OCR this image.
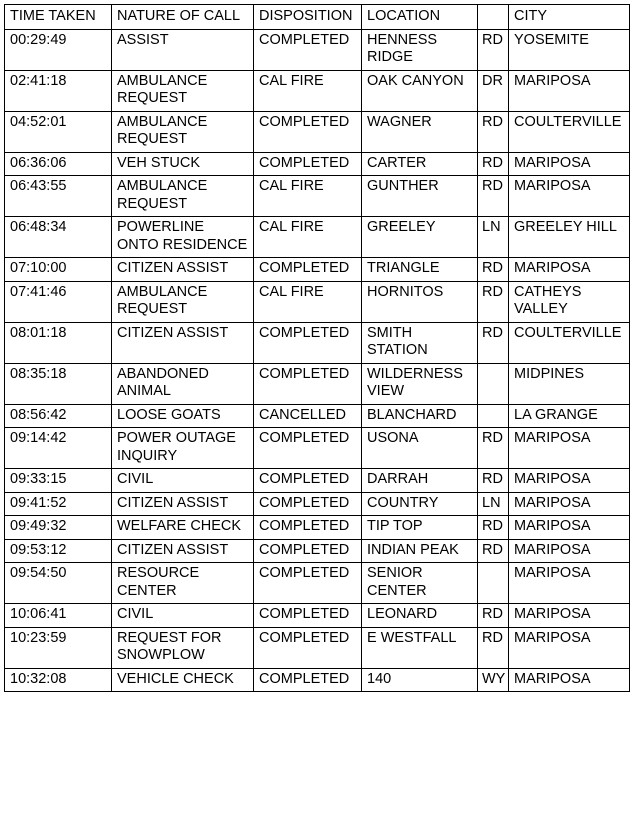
TIME TAKEN	NATURE OF CALL	DISPOSITION	LOCATION		CITY
00:29:49	ASSIST	COMPLETED	HENNESS RIDGE	RD	YOSEMITE
02:41:18	AMBULANCE REQUEST	CAL FIRE	OAK CANYON	DR	MARIPOSA
04:52:01	AMBULANCE REQUEST	COMPLETED	WAGNER	RD	COULTERVILLE
06:36:06	VEH STUCK	COMPLETED	CARTER	RD	MARIPOSA
06:43:55	AMBULANCE REQUEST	CAL FIRE	GUNTHER	RD	MARIPOSA
06:48:34	POWERLINE ONTO RESIDENCE	CAL FIRE	GREELEY	LN	GREELEY HILL
07:10:00	CITIZEN ASSIST	COMPLETED	TRIANGLE	RD	MARIPOSA
07:41:46	AMBULANCE REQUEST	CAL FIRE	HORNITOS	RD	CATHEYS VALLEY
08:01:18	CITIZEN ASSIST	COMPLETED	SMITH STATION	RD	COULTERVILLE
08:35:18	ABANDONED ANIMAL	COMPLETED	WILDERNESS VIEW		MIDPINES
08:56:42	LOOSE GOATS	CANCELLED	BLANCHARD		LA GRANGE
09:14:42	POWER OUTAGE INQUIRY	COMPLETED	USONA	RD	MARIPOSA
09:33:15	CIVIL	COMPLETED	DARRAH	RD	MARIPOSA
09:41:52	CITIZEN ASSIST	COMPLETED	COUNTRY	LN	MARIPOSA
09:49:32	WELFARE CHECK	COMPLETED	TIP TOP	RD	MARIPOSA
09:53:12	CITIZEN ASSIST	COMPLETED	INDIAN PEAK	RD	MARIPOSA
09:54:50	RESOURCE CENTER	COMPLETED	SENIOR CENTER		MARIPOSA
10:06:41	CIVIL	COMPLETED	LEONARD	RD	MARIPOSA
10:23:59	REQUEST FOR SNOWPLOW	COMPLETED	E WESTFALL	RD	MARIPOSA
10:32:08	VEHICLE CHECK	COMPLETED	140	WY	MARIPOSA
